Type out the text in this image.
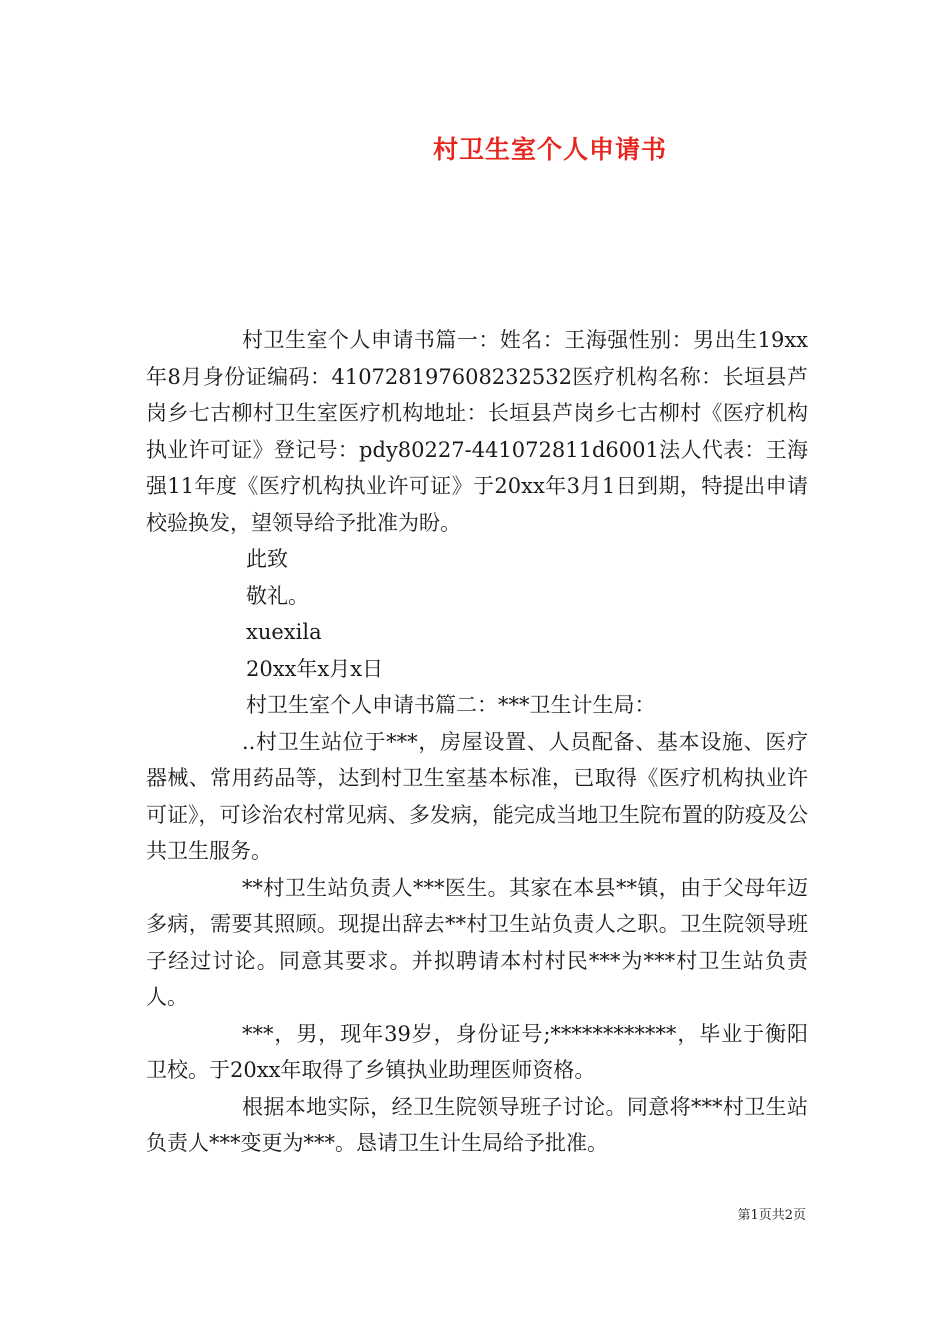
村卫生室个人申请书

村卫生室个人申请书篇一：姓名：王海强性别：男出生19xx年8月身份证编码：410728197608232532医疗机构名称：长垣县芦岗乡七古柳村卫生室医疗机构地址：长垣县芦岗乡七古柳村《医疗机构执业许可证》登记号：pdy80227-441072811d6001法人代表：王海强11年度《医疗机构执业许可证》于20xx年3月1日到期，特提出申请校验换发，望领导给予批准为盼。

此致

敬礼。

xuexila

20xx年x月x日

村卫生室个人申请书篇二：***卫生计生局：

..村卫生站位于***，房屋设置、人员配备、基本设施、医疗器械、常用药品等，达到村卫生室基本标准，已取得《医疗机构执业许可证》，可诊治农村常见病、多发病，能完成当地卫生院布置的防疫及公共卫生服务。

**村卫生站负责人***医生。其家在本县**镇，由于父母年迈多病，需要其照顾。现提出辞去**村卫生站负责人之职。卫生院领导班子经过讨论。同意其要求。并拟聘请本村村民***为***村卫生站负责人。

***，男，现年39岁，身份证号;************，毕业于衡阳卫校。于20xx年取得了乡镇执业助理医师资格。

根据本地实际，经卫生院领导班子讨论。同意将***村卫生站负责人***变更为***。恳请卫生计生局给予批准。

第1页共2页
